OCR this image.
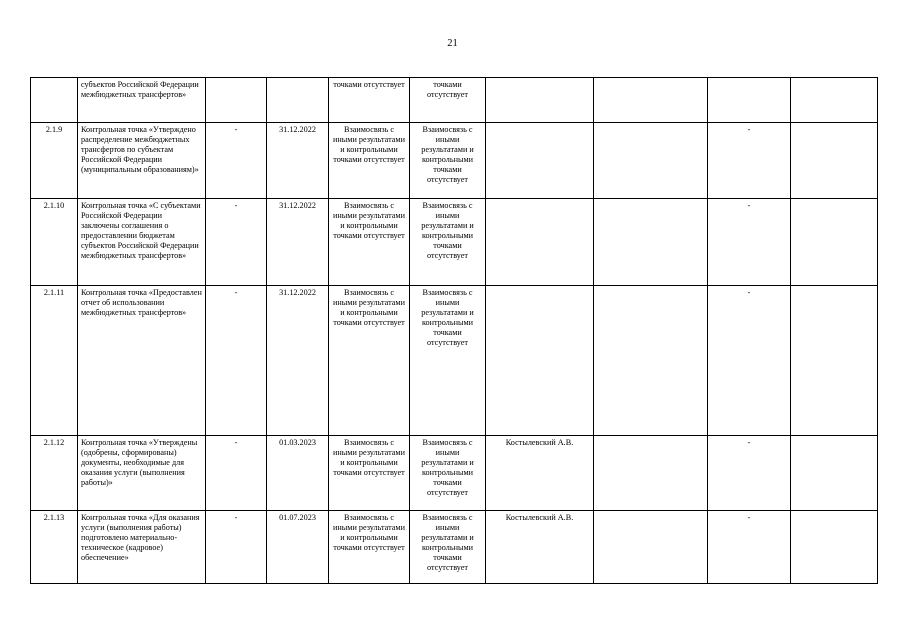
21
	субъектов Российской Федерации межбюджетных трансфертов»			точками отсутствует	точками отсутствует				
2.1.9	Контрольная точка «Утверждено распределение межбюджетных трансфертов по субъектам Российской Федерации (муниципальным образованиям)»	-	31.12.2022	Взаимосвязь с иными результатами и контрольными точками отсутствует	Взаимосвязь с иными результатами и контрольными точками отсутствует			-	
2.1.10	Контрольная точка «С субъектами Российской Федерации заключены соглашения о предоставлении бюджетам субъектов Российской Федерации межбюджетных трансфертов»	-	31.12.2022	Взаимосвязь с иными результатами и контрольными точками отсутствует	Взаимосвязь с иными результатами и контрольными точками отсутствует			-	
2.1.11	Контрольная точка «Предоставлен отчет об использовании межбюджетных трансфертов»	-	31.12.2022	Взаимосвязь с иными результатами и контрольными точками отсутствует	Взаимосвязь с иными результатами и контрольными точками отсутствует			-	
2.1.12	Контрольная точка «Утверждены (одобрены, сформированы) документы, необходимые для оказания услуги (выполнения работы)»	-	01.03.2023	Взаимосвязь с иными результатами и контрольными точками отсутствует	Взаимосвязь с иными результатами и контрольными точками отсутствует	Костылевский А.В.		-	
2.1.13	Контрольная точка «Для оказания услуги (выполнения работы) подготовлено материально-техническое (кадровое) обеспечение»	-	01.07.2023	Взаимосвязь с иными результатами и контрольными точками отсутствует	Взаимосвязь с иными результатами и контрольными точками отсутствует	Костылевский А.В.		-	
